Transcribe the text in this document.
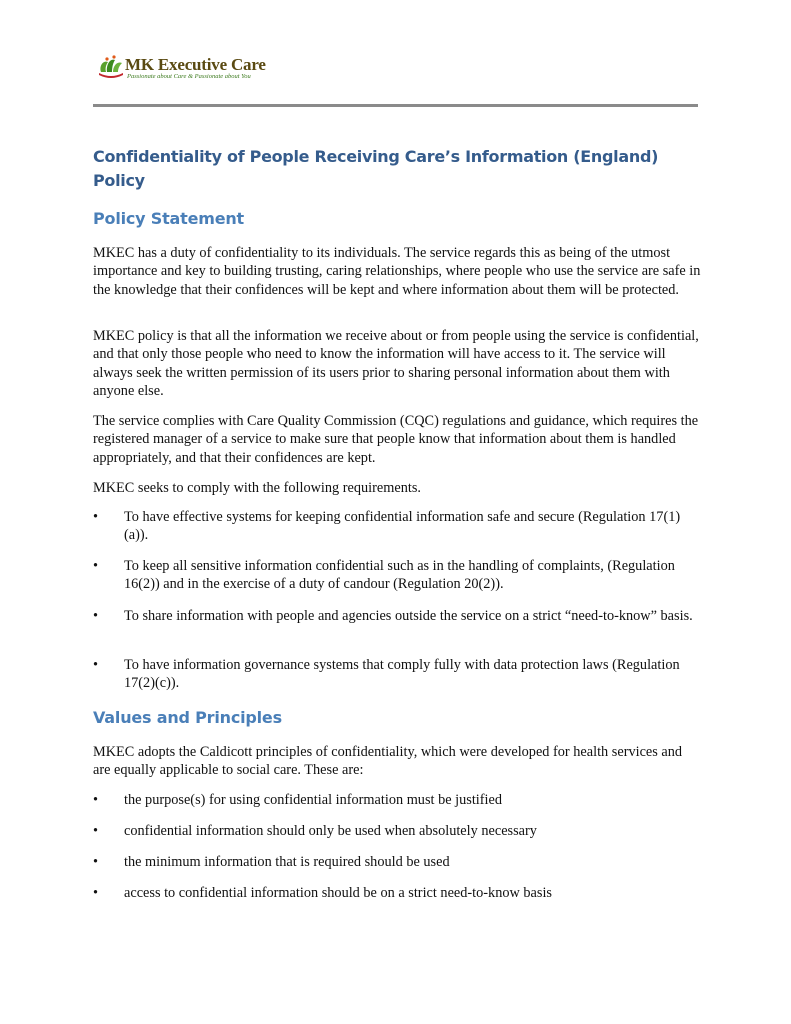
MK Executive Care
Passionate about Care & Passionate about You
Confidentiality of People Receiving Care’s Information (England) Policy
Policy Statement
MKEC has a duty of confidentiality to its individuals. The service regards this as being of the utmost importance and key to building trusting, caring relationships, where people who use the service are safe in the knowledge that their confidences will be kept and where information about them will be protected.
MKEC policy is that all the information we receive about or from people using the service is confidential, and that only those people who need to know the information will have access to it. The service will always seek the written permission of its users prior to sharing personal information about them with anyone else.
The service complies with Care Quality Commission (CQC) regulations and guidance, which requires the registered manager of a service to make sure that people know that information about them is handled appropriately, and that their confidences are kept.
MKEC seeks to comply with the following requirements.
•	To have effective systems for keeping confidential information safe and secure (Regulation 17(1)(a)).
•	To keep all sensitive information confidential such as in the handling of complaints, (Regulation 16(2)) and in the exercise of a duty of candour (Regulation 20(2)).
•	To share information with people and agencies outside the service on a strict “need-to-know” basis.
•	To have information governance systems that comply fully with data protection laws (Regulation 17(2)(c)).
Values and Principles
MKEC adopts the Caldicott principles of confidentiality, which were developed for health services and are equally applicable to social care. These are:
•	the purpose(s) for using confidential information must be justified
•	confidential information should only be used when absolutely necessary
•	the minimum information that is required should be used
•	access to confidential information should be on a strict need-to-know basis
